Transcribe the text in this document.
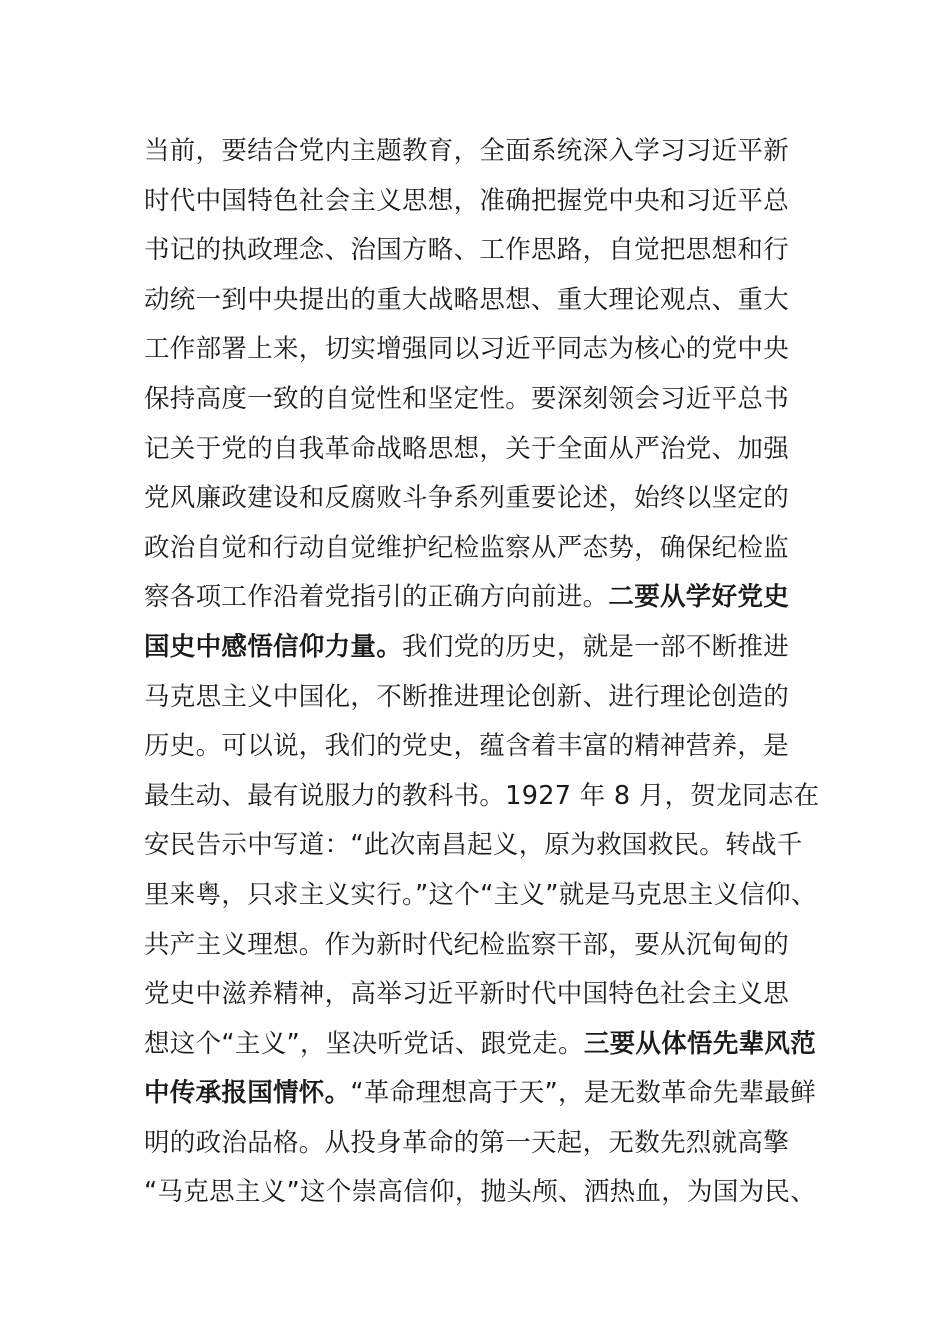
当前，要结合党内主题教育，全面系统深入学习习近平新
时代中国特色社会主义思想，准确把握党中央和习近平总
书记的执政理念、治国方略、工作思路，自觉把思想和行
动统一到中央提出的重大战略思想、重大理论观点、重大
工作部署上来，切实增强同以习近平同志为核心的党中央
保持高度一致的自觉性和坚定性。要深刻领会习近平总书
记关于党的自我革命战略思想，关于全面从严治党、加强
党风廉政建设和反腐败斗争系列重要论述，始终以坚定的
政治自觉和行动自觉维护纪检监察从严态势，确保纪检监
察各项工作沿着党指引的正确方向前进。二要从学好党史
国史中感悟信仰力量。我们党的历史，就是一部不断推进
马克思主义中国化，不断推进理论创新、进行理论创造的
历史。可以说，我们的党史，蕴含着丰富的精神营养，是
最生动、最有说服力的教科书。1927 年 8 月，贺龙同志在
安民告示中写道：“此次南昌起义，原为救国救民。转战千
里来粤，只求主义实行。”这个“主义”就是马克思主义信仰、
共产主义理想。作为新时代纪检监察干部，要从沉甸甸的
党史中滋养精神，高举习近平新时代中国特色社会主义思
想这个“主义”，坚决听党话、跟党走。三要从体悟先辈风范
中传承报国情怀。“革命理想高于天”，是无数革命先辈最鲜
明的政治品格。从投身革命的第一天起，无数先烈就高擎
“马克思主义”这个崇高信仰，抛头颅、洒热血，为国为民、
